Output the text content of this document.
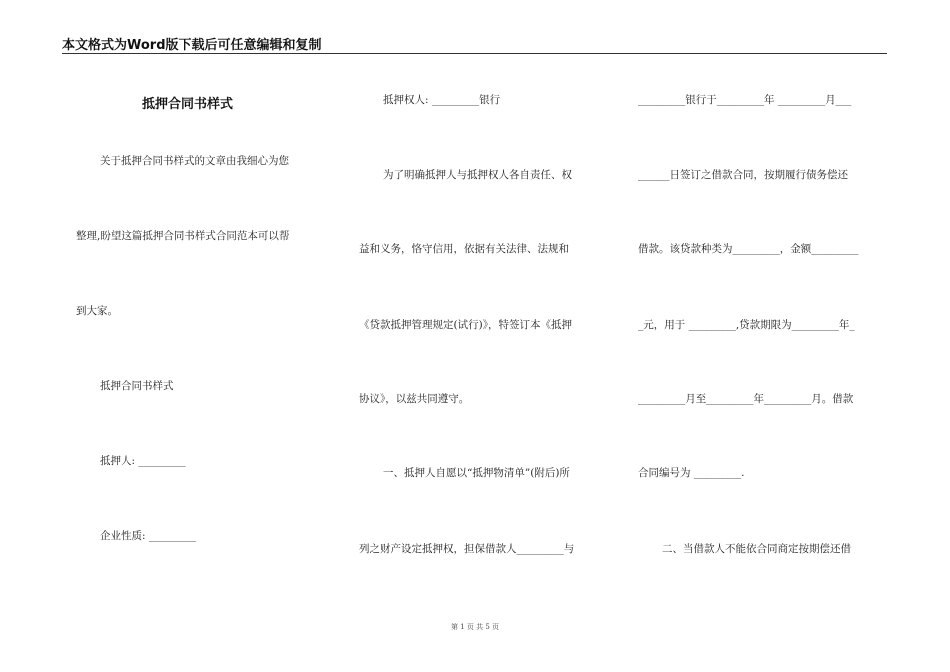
本文格式为Word版下载后可任意编辑和复制
抵押合同书样式
关于抵押合同书样式的文章由我细心为您
整理,盼望这篇抵押合同书样式合同范本可以帮
到大家。
抵押合同书样式
抵押人: _________
企业性质: _________
抵押权人: _________银行
为了明确抵押人与抵押权人各自责任、权
益和义务，恪守信用，依据有关法律、法规和
《贷款抵押管理规定(试行)》，特签订本《抵押
协议》，以兹共同遵守。
一、抵押人自愿以“抵押物清单”(附后)所
列之财产设定抵押权，担保借款人_________与
_________银行于_________年 _________月___
______日签订之借款合同，按期履行债务偿还
借款。该贷款种类为_________，金额_________
_元，用于 _________,贷款期限为_________年_
_________月至_________年_________月。借款
合同编号为 _________.
二、当借款人不能依合同商定按期偿还借
第 1 页 共 5 页
